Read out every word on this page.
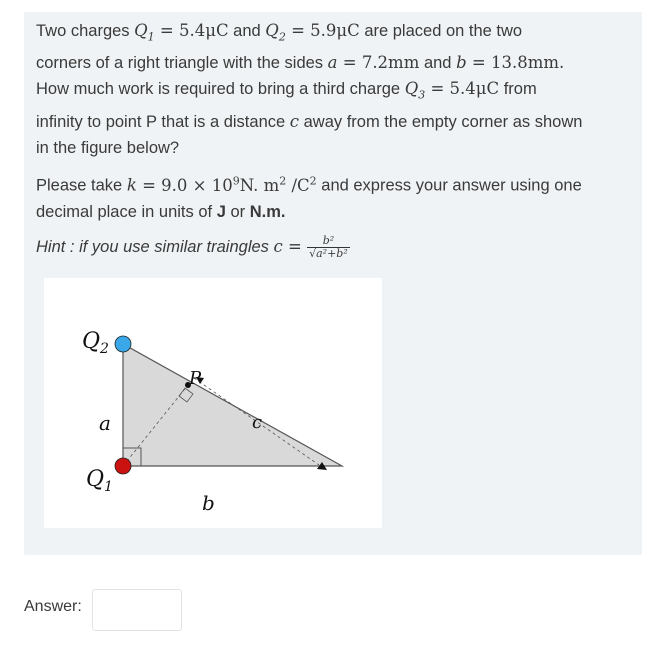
Two charges $Q_1 = 5.4\mu C$ and $Q_2 = 5.9\mu C$ are placed on the two
corners of a right triangle with the sides a = 7.2mm and b = 13.8mm.
How much work is required to bring a third charge $Q_3 = 5.4\mu C$ from
infinity to point P that is a distance c away from the empty corner as shown
in the figure below?
Please take $k = 9.0 \times 10^9N$. $m^2$ $/C^2$ and express your answer using one
decimal place in units of J or N.m.
Hint : if you use similar traingles $c = \frac{\text{b²}}{\text{√a²+b²}}$
$Q_2$
$Q_1$
a
b
c
P
Answer:
